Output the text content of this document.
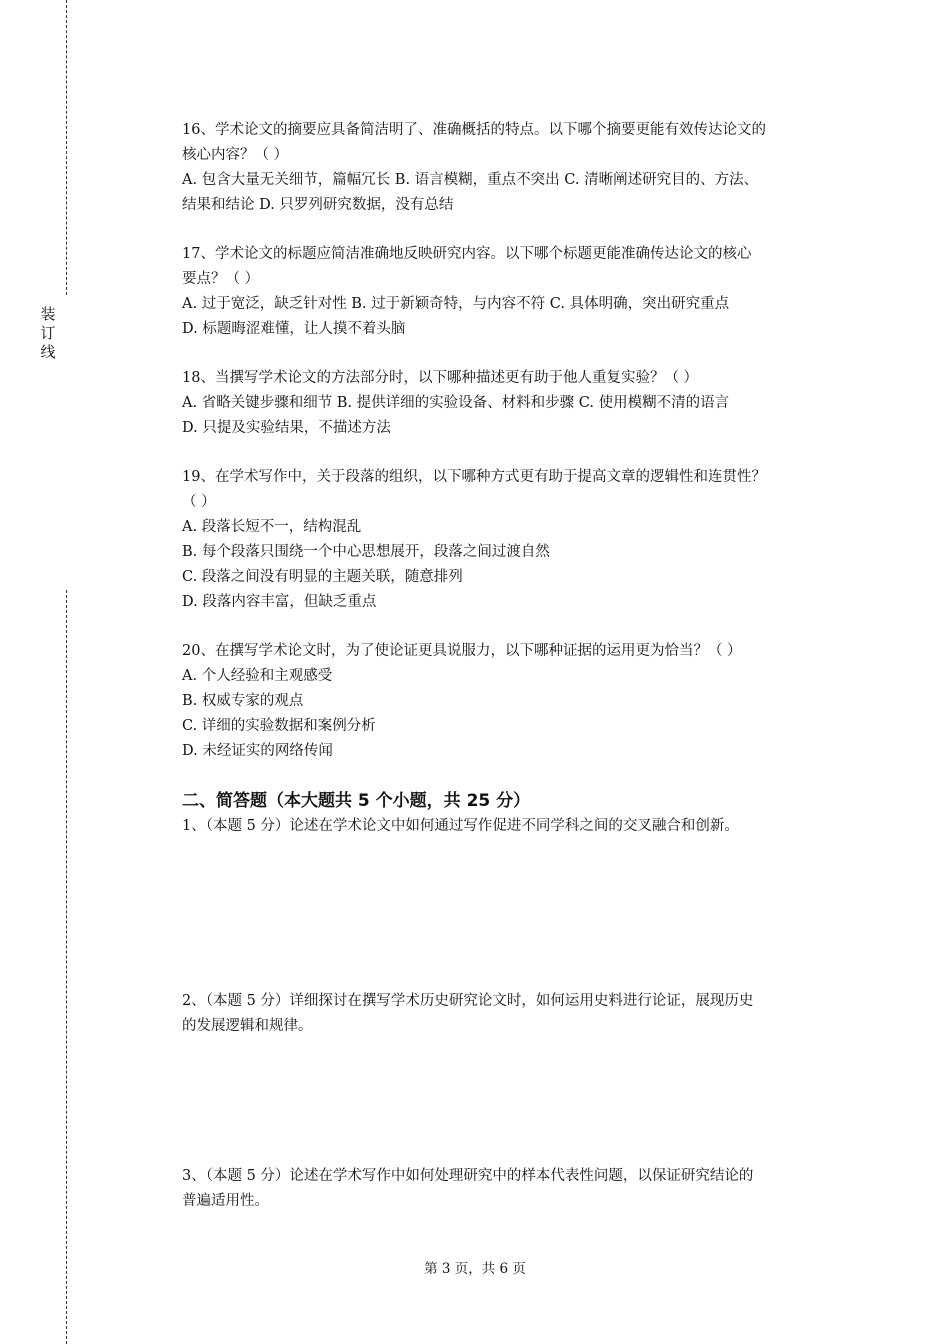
装
订
线

16、学术论文的摘要应具备简洁明了、准确概括的特点。以下哪个摘要更能有效传达论文的

核心内容？（ ）

A. 包含大量无关细节，篇幅冗长 B. 语言模糊，重点不突出 C. 清晰阐述研究目的、方法、

结果和结论 D. 只罗列研究数据，没有总结

17、学术论文的标题应简洁准确地反映研究内容。以下哪个标题更能准确传达论文的核心

要点？（ ）

A. 过于宽泛，缺乏针对性 B. 过于新颖奇特，与内容不符 C. 具体明确，突出研究重点

D. 标题晦涩难懂，让人摸不着头脑

18、当撰写学术论文的方法部分时，以下哪种描述更有助于他人重复实验？（ ）

A. 省略关键步骤和细节 B. 提供详细的实验设备、材料和步骤 C. 使用模糊不清的语言

D. 只提及实验结果，不描述方法

19、在学术写作中，关于段落的组织，以下哪种方式更有助于提高文章的逻辑性和连贯性？

（ ）

A. 段落长短不一，结构混乱

B. 每个段落只围绕一个中心思想展开，段落之间过渡自然

C. 段落之间没有明显的主题关联，随意排列

D. 段落内容丰富，但缺乏重点

20、在撰写学术论文时，为了使论证更具说服力，以下哪种证据的运用更为恰当？（ ）

A. 个人经验和主观感受

B. 权威专家的观点

C. 详细的实验数据和案例分析

D. 未经证实的网络传闻

二、简答题（本大题共 5 个小题，共 25 分）

1、（本题 5 分）论述在学术论文中如何通过写作促进不同学科之间的交叉融合和创新。

2、（本题 5 分）详细探讨在撰写学术历史研究论文时，如何运用史料进行论证，展现历史

的发展逻辑和规律。

3、（本题 5 分）论述在学术写作中如何处理研究中的样本代表性问题，以保证研究结论的

普遍适用性。

第 3 页，共 6 页
